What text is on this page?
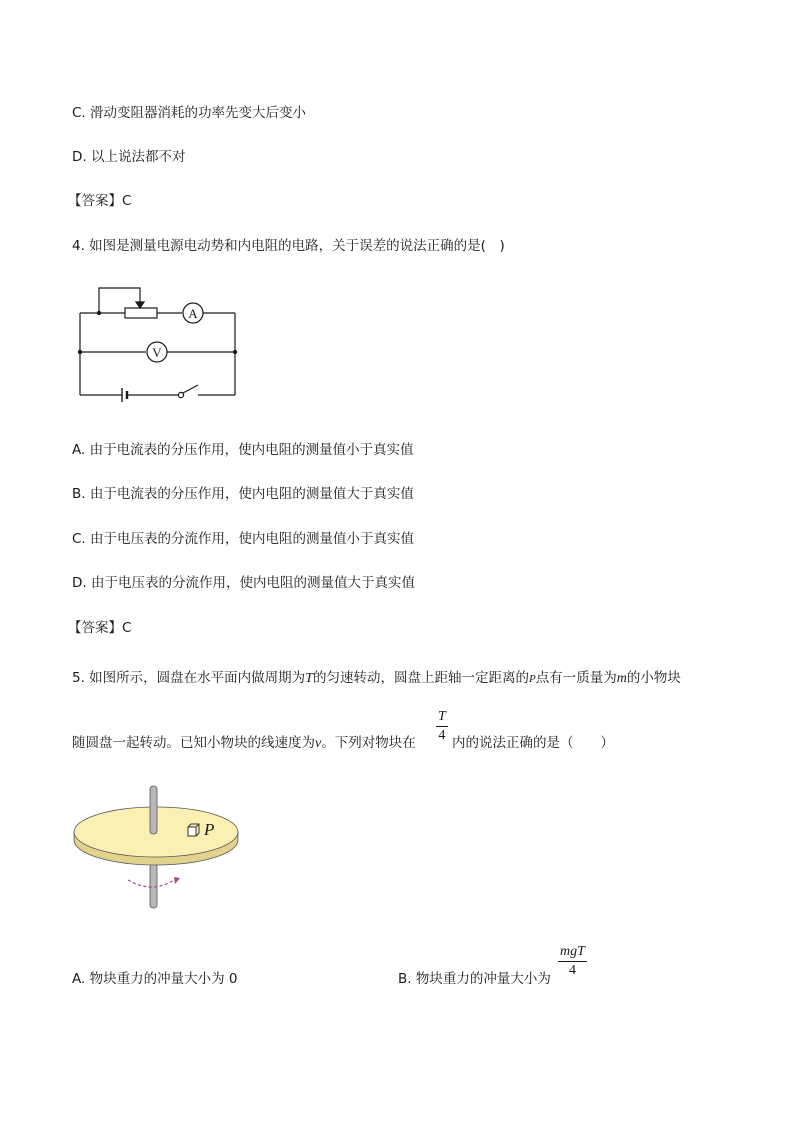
C. 滑动变阻器消耗的功率先变大后变小
D. 以上说法都不对
【答案】C
4. 如图是测量电源电动势和内电阻的电路，关于误差的说法正确的是(　)
A
V
A. 由于电流表的分压作用，使内电阻的测量值小于真实值
B. 由于电流表的分压作用，使内电阻的测量值大于真实值
C. 由于电压表的分流作用，使内电阻的测量值小于真实值
D. 由于电压表的分流作用，使内电阻的测量值大于真实值
【答案】C
5. 如图所示，圆盘在水平面内做周期为T的匀速转动，圆盘上距轴一定距离的P点有一质量为m的小物块
随圆盘一起转动。已知小物块的线速度为v。下列对物块在
T
4 内的说法正确的是（　　）
P
A. 物块重力的冲量大小为 0	B. 物块重力的冲量大小为
mgT
4
